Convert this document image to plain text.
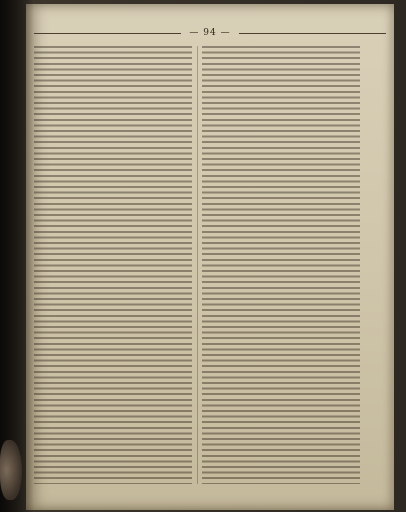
— 94 —
